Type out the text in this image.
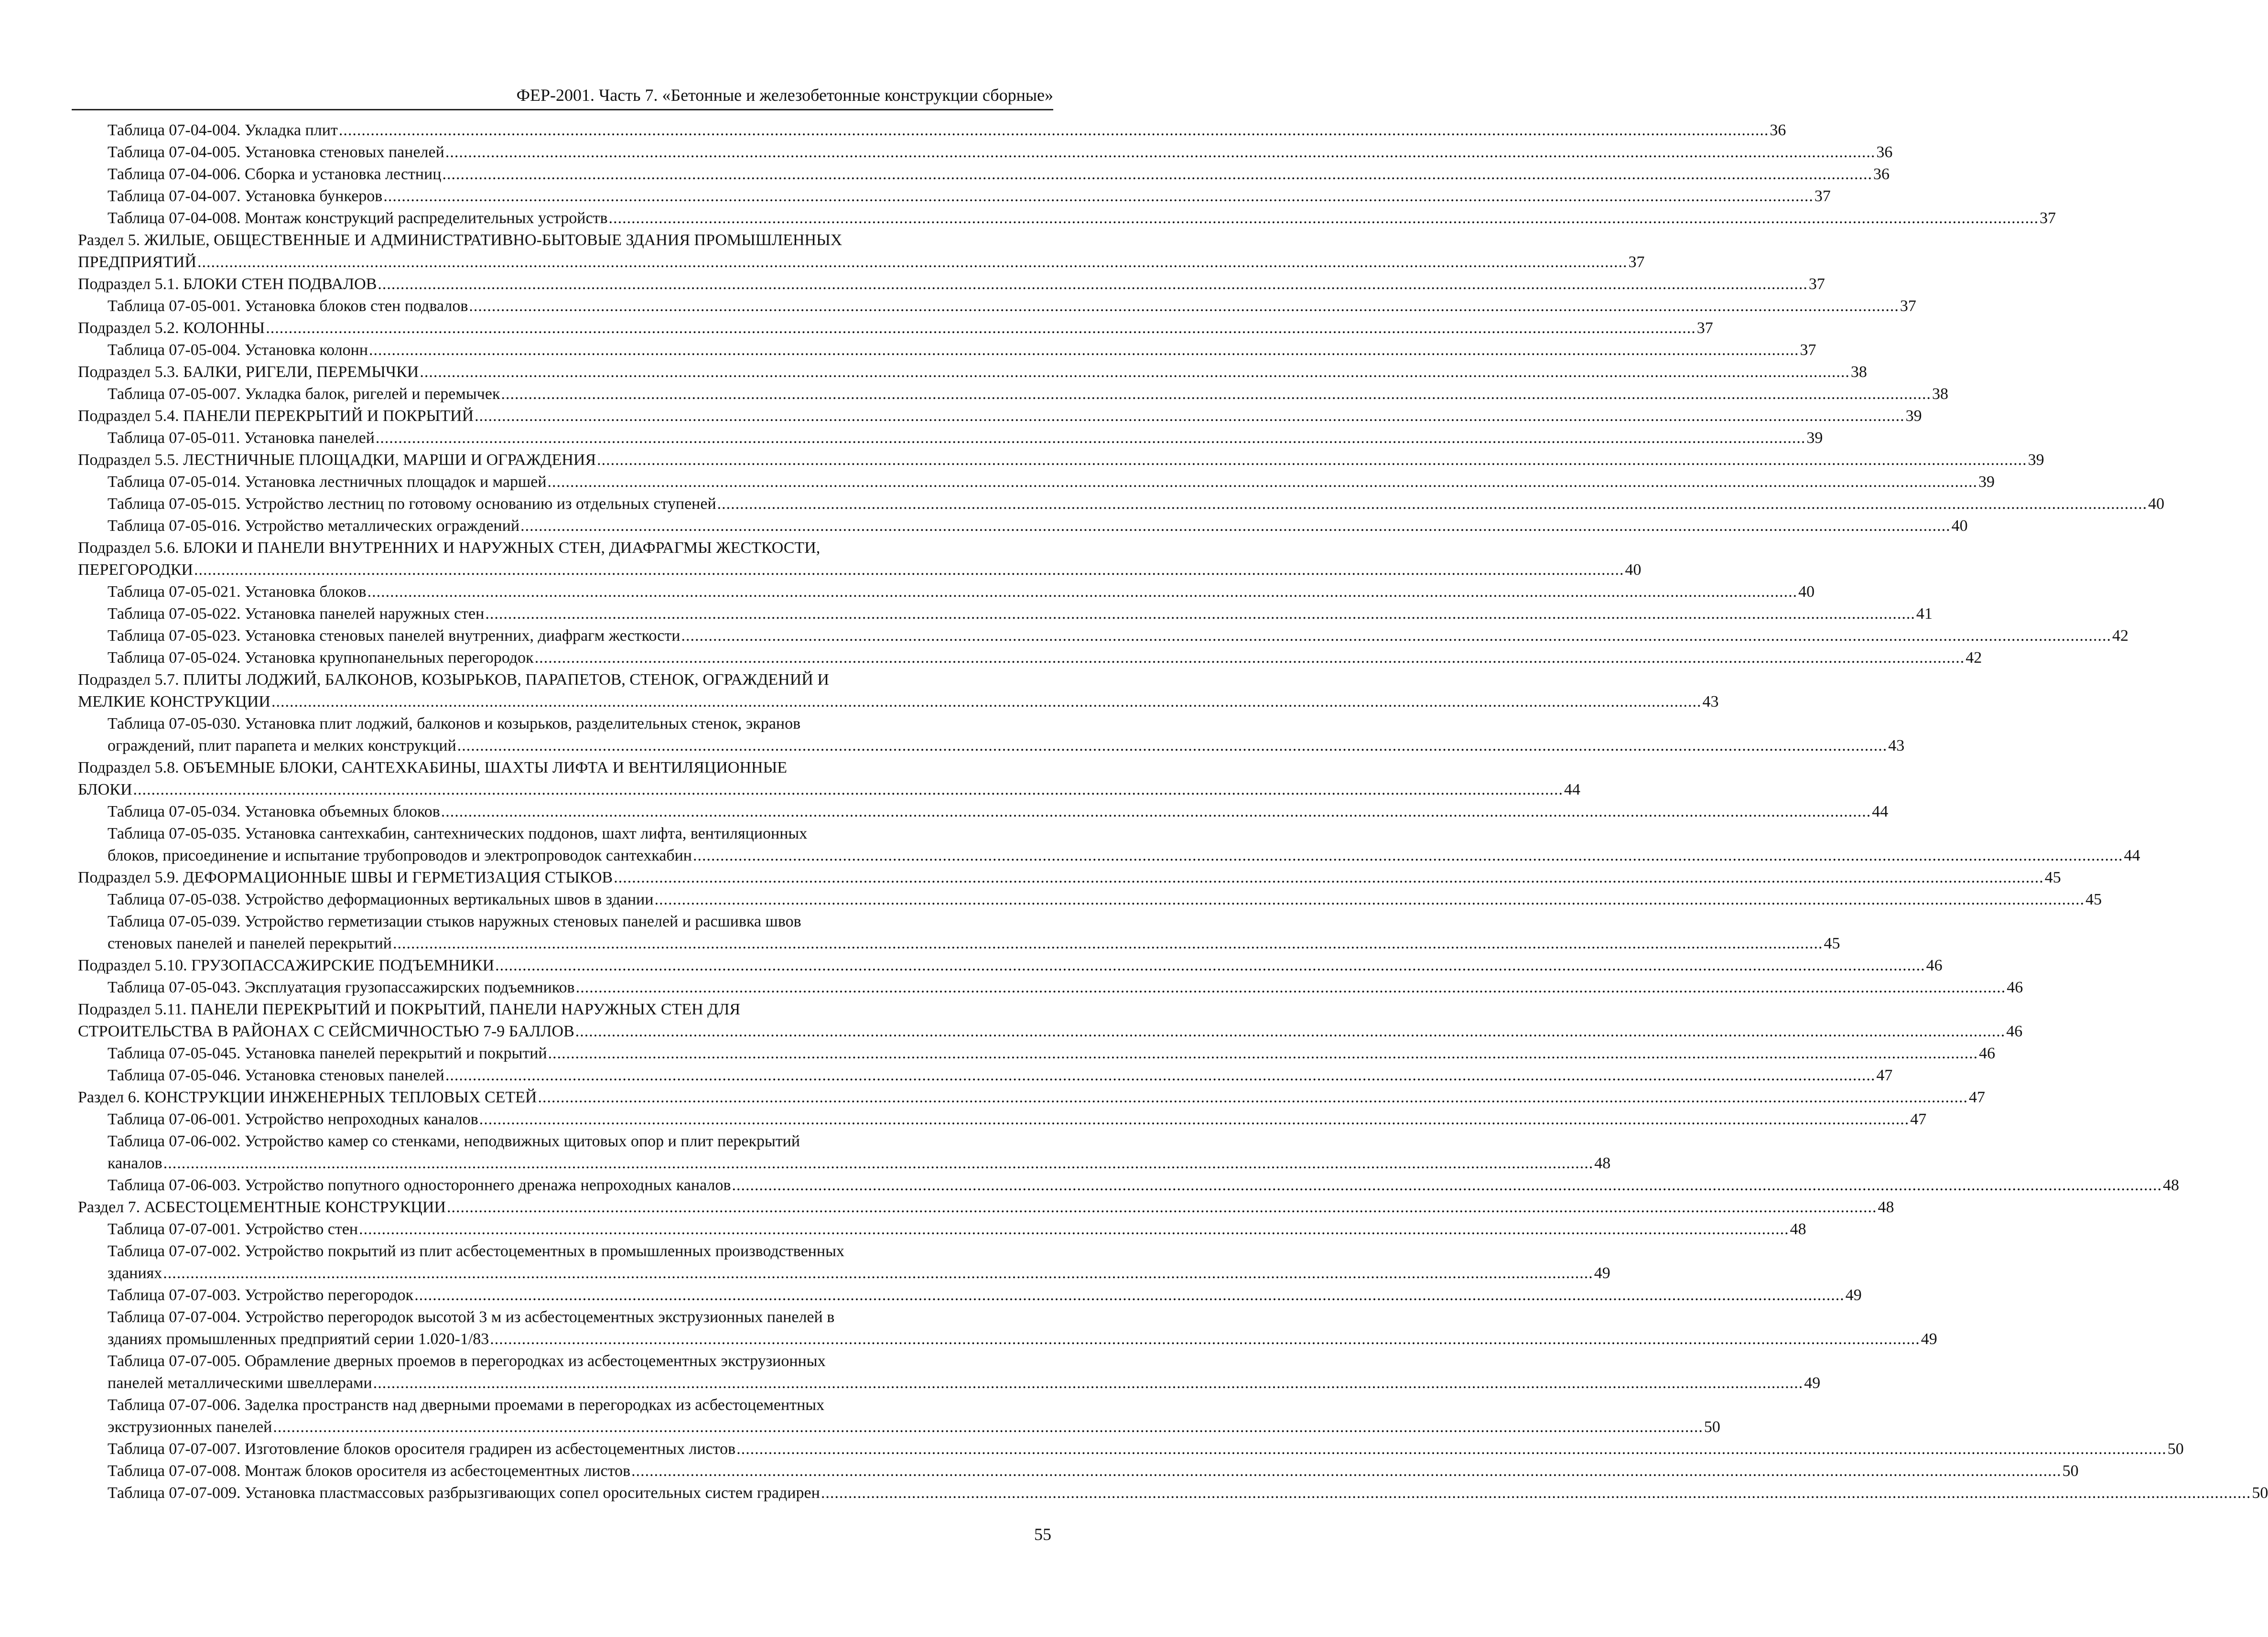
ФЕР-2001. Часть 7. «Бетонные и железобетонные конструкции сборные»
Таблица 07-04-004. Укладка плит .....	36
Таблица 07-04-005. Установка стеновых панелей .....	36
Таблица 07-04-006. Сборка и установка лестниц .....	36
Таблица 07-04-007. Установка бункеров .....	37
Таблица 07-04-008. Монтаж конструкций распределительных устройств .....	37
Раздел 5. ЖИЛЫЕ, ОБЩЕСТВЕННЫЕ И АДМИНИСТРАТИВНО-БЫТОВЫЕ ЗДАНИЯ ПРОМЫШЛЕННЫХ
ПРЕДПРИЯТИЙ .....	37
Подраздел 5.1. БЛОКИ СТЕН ПОДВАЛОВ .....	37
Таблица 07-05-001. Установка блоков стен подвалов .....	37
Подраздел 5.2. КОЛОННЫ .....	37
Таблица 07-05-004. Установка колонн .....	37
Подраздел 5.3. БАЛКИ, РИГЕЛИ, ПЕРЕМЫЧКИ .....	38
Таблица 07-05-007. Укладка балок, ригелей и перемычек .....	38
Подраздел 5.4. ПАНЕЛИ ПЕРЕКРЫТИЙ И ПОКРЫТИЙ .....	39
Таблица 07-05-011. Установка панелей .....	39
Подраздел 5.5. ЛЕСТНИЧНЫЕ ПЛОЩАДКИ, МАРШИ И ОГРАЖДЕНИЯ .....	39
Таблица 07-05-014. Установка лестничных площадок и маршей .....	39
Таблица 07-05-015. Устройство лестниц по готовому основанию из отдельных ступеней .....	40
Таблица 07-05-016. Устройство металлических ограждений .....	40
Подраздел 5.6. БЛОКИ И ПАНЕЛИ ВНУТРЕННИХ И НАРУЖНЫХ СТЕН, ДИАФРАГМЫ ЖЕСТКОСТИ,
ПЕРЕГОРОДКИ .....	40
Таблица 07-05-021. Установка блоков .....	40
Таблица 07-05-022. Установка панелей наружных стен .....	41
Таблица 07-05-023. Установка стеновых панелей внутренних, диафрагм жесткости .....	42
Таблица 07-05-024. Установка крупнопанельных перегородок .....	42
Подраздел 5.7. ПЛИТЫ ЛОДЖИЙ, БАЛКОНОВ, КОЗЫРЬКОВ, ПАРАПЕТОВ, СТЕНОК, ОГРАЖДЕНИЙ И
МЕЛКИЕ КОНСТРУКЦИИ .....	43
Таблица 07-05-030. Установка плит лоджий, балконов и козырьков, разделительных стенок, экранов
ограждений, плит парапета и мелких конструкций .....	43
Подраздел 5.8. ОБЪЕМНЫЕ БЛОКИ, САНТЕХКАБИНЫ, ШАХТЫ ЛИФТА И ВЕНТИЛЯЦИОННЫЕ
БЛОКИ .....	44
Таблица 07-05-034. Установка объемных блоков .....	44
Таблица 07-05-035. Установка сантехкабин, сантехнических поддонов, шахт лифта, вентиляционных
блоков, присоединение и испытание трубопроводов и электропроводок сантехкабин .....	44
Подраздел 5.9. ДЕФОРМАЦИОННЫЕ ШВЫ И ГЕРМЕТИЗАЦИЯ СТЫКОВ .....	45
Таблица 07-05-038. Устройство деформационных вертикальных швов в здании .....	45
Таблица 07-05-039. Устройство герметизации стыков наружных стеновых панелей и расшивка швов
стеновых панелей и панелей перекрытий .....	45
Подраздел 5.10. ГРУЗОПАССАЖИРСКИЕ ПОДЪЕМНИКИ .....	46
Таблица 07-05-043. Эксплуатация грузопассажирских подъемников .....	46
Подраздел 5.11. ПАНЕЛИ ПЕРЕКРЫТИЙ И ПОКРЫТИЙ, ПАНЕЛИ НАРУЖНЫХ СТЕН ДЛЯ
СТРОИТЕЛЬСТВА В РАЙОНАХ С СЕЙСМИЧНОСТЬЮ 7-9 БАЛЛОВ .....	46
Таблица 07-05-045. Установка панелей перекрытий и покрытий .....	46
Таблица 07-05-046. Установка стеновых панелей .....	47
Раздел 6. КОНСТРУКЦИИ ИНЖЕНЕРНЫХ ТЕПЛОВЫХ СЕТЕЙ .....	47
Таблица 07-06-001. Устройство непроходных каналов .....	47
Таблица 07-06-002. Устройство камер со стенками, неподвижных щитовых опор и плит перекрытий
каналов .....	48
Таблица 07-06-003. Устройство попутного одностороннего дренажа непроходных каналов .....	48
Раздел 7. АСБЕСТОЦЕМЕНТНЫЕ КОНСТРУКЦИИ .....	48
Таблица 07-07-001. Устройство стен .....	48
Таблица 07-07-002. Устройство покрытий из плит асбестоцементных в промышленных производственных
зданиях .....	49
Таблица 07-07-003. Устройство перегородок .....	49
Таблица 07-07-004. Устройство перегородок высотой 3 м из асбестоцементных экструзионных панелей в
зданиях промышленных предприятий серии 1.020-1/83 .....	49
Таблица 07-07-005. Обрамление дверных проемов в перегородках из асбестоцементных экструзионных
панелей металлическими швеллерами .....	49
Таблица 07-07-006. Заделка пространств над дверными проемами в перегородках из асбестоцементных
экструзионных панелей .....	50
Таблица 07-07-007. Изготовление блоков оросителя градирен из асбестоцементных листов .....	50
Таблица 07-07-008. Монтаж блоков оросителя из асбестоцементных листов .....	50
Таблица 07-07-009. Установка пластмассовых разбрызгивающих сопел оросительных систем градирен .....	50
55
